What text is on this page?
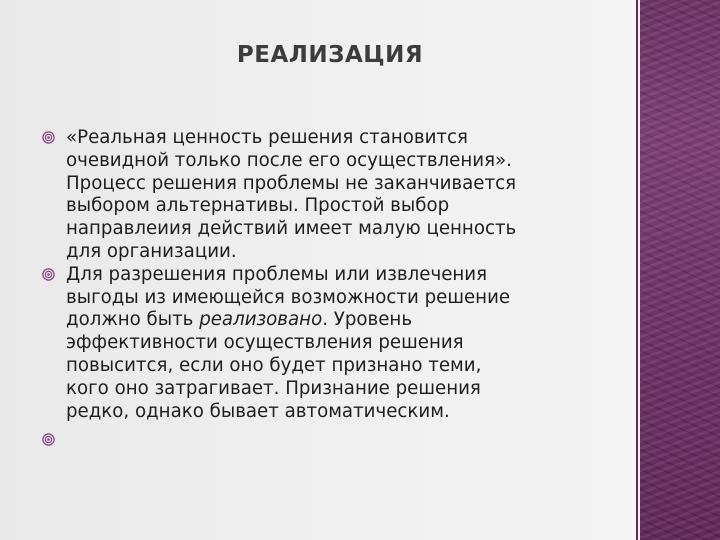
РЕАЛИЗАЦИЯ
«Реальная ценность решения становится
очевидной только после его осуществления».
Процесс решения проблемы не заканчивается
выбором альтернативы. Простой выбор
направлеиия действий имеет малую ценность
для организации.
Для разрешения проблемы или извлечения
выгоды из имеющейся возможности решение
должно быть реализовано. Уровень
эффективности осуществления решения
повысится, если оно будет признано теми,
кого оно затрагивает. Признание решения
редко, однако бывает автоматическим.
